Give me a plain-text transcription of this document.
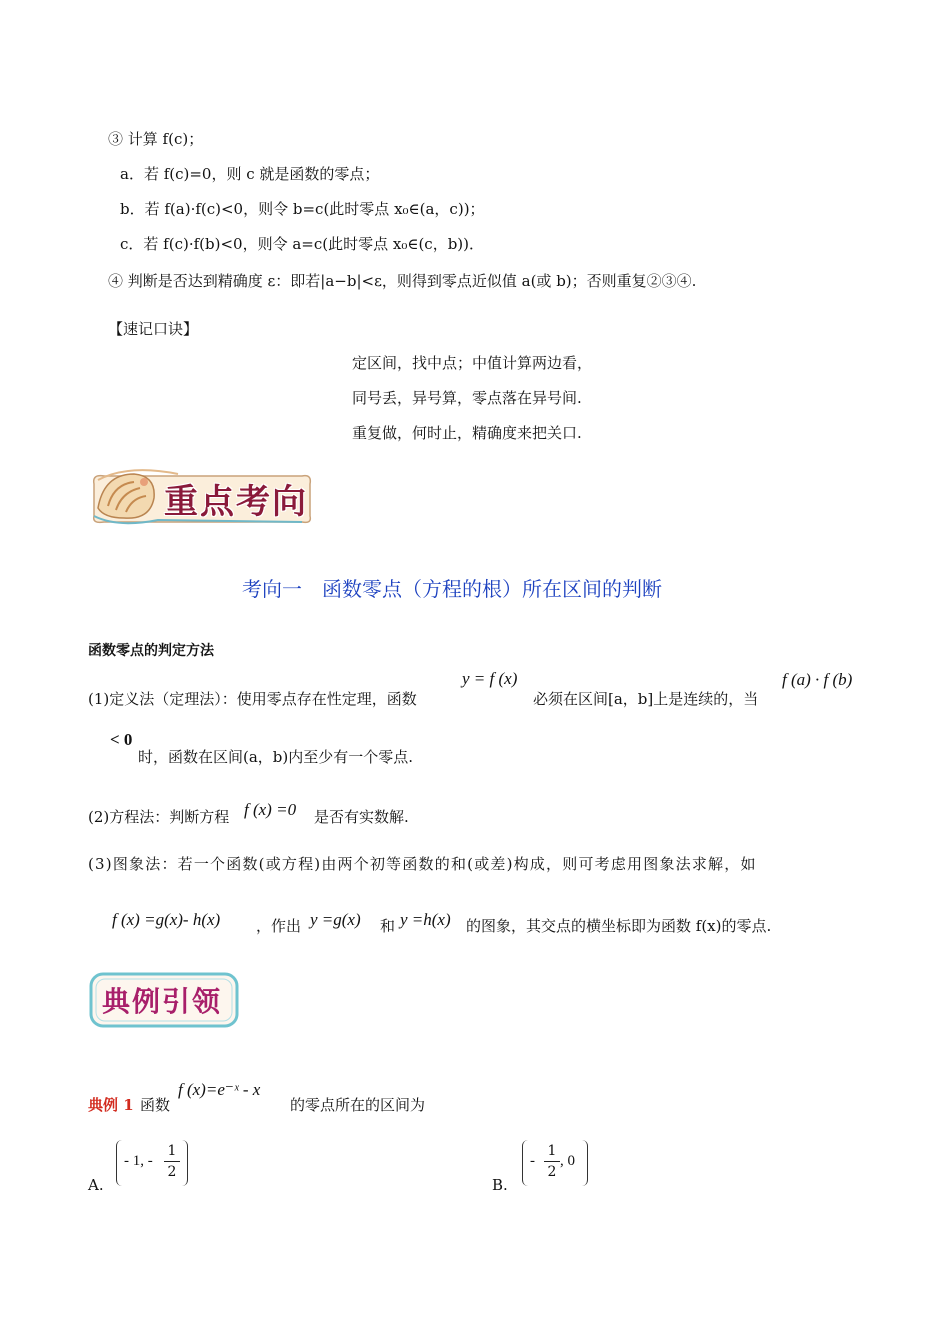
③ 计算 f(c)；
a．若 f(c)=0，则 c 就是函数的零点；
b．若 f(a)·f(c)<0，则令 b=c(此时零点 x₀∈(a，c))；
c．若 f(c)·f(b)<0，则令 a=c(此时零点 x₀∈(c，b))．
④ 判断是否达到精确度 ε：即若|a−b|<ε，则得到零点近似值 a(或 b)；否则重复②③④.
【速记口诀】
定区间，找中点；中值计算两边看，
同号丢，异号算，零点落在异号间.
重复做，何时止，精确度来把关口.
重点考向
考向一　函数零点（方程的根）所在区间的判断
函数零点的判定方法
(1)定义法（定理法）：使用零点存在性定理，函数
y = f (x)
必须在区间[a，b]上是连续的，当
f (a) · f (b)
< 0
时，函数在区间(a，b)内至少有一个零点.
(2)方程法：判断方程 f (x) =0 是否有实数解.
(3)图象法：若一个函数(或方程)由两个初等函数的和(或差)构成，则可考虑用图象法求解，如
f (x) =g(x)- h(x) ，作出 y =g(x) 和 y =h(x) 的图象，其交点的横坐标即为函数 f(x)的零点.
典例引领
典例 1 函数
f (x)=e⁻ˣ - x
的零点所在的区间为
A.
- 1, - $\frac{1}{2}$
B.
- $\frac{1}{2}$ , 0
